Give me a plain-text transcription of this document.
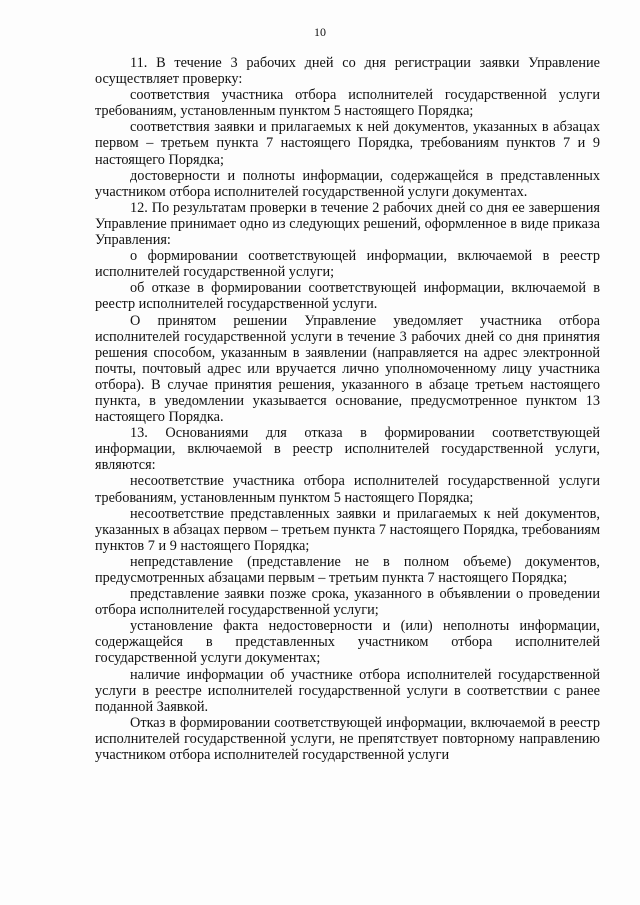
10

11. В течение 3 рабочих дней со дня регистрации заявки Управление осуществляет проверку:

соответствия участника отбора исполнителей государственной услуги требованиям, установленным пунктом 5 настоящего Порядка;

соответствия заявки и прилагаемых к ней документов, указанных в абзацах первом – третьем пункта 7 настоящего Порядка, требованиям пунктов 7 и 9 настоящего Порядка;

достоверности и полноты информации, содержащейся в представленных участником отбора исполнителей государственной услуги документах.

12. По результатам проверки в течение 2 рабочих дней со дня ее завершения Управление принимает одно из следующих решений, оформленное в виде приказа Управления:

о формировании соответствующей информации, включаемой в реестр исполнителей государственной услуги;

об отказе в формировании соответствующей информации, включаемой в реестр исполнителей государственной услуги.

О принятом решении Управление уведомляет участника отбора исполнителей государственной услуги в течение 3 рабочих дней со дня принятия решения способом, указанным в заявлении (направляется на адрес электронной почты, почтовый адрес или вручается лично уполномоченному лицу участника отбора). В случае принятия решения, указанного в абзаце третьем настоящего пункта, в уведомлении указывается основание, предусмотренное пунктом 13 настоящего Порядка.

13. Основаниями для отказа в формировании соответствующей информации, включаемой в реестр исполнителей государственной услуги, являются:

несоответствие участника отбора исполнителей государственной услуги требованиям, установленным пунктом 5 настоящего Порядка;

несоответствие представленных заявки и прилагаемых к ней документов, указанных в абзацах первом – третьем пункта 7 настоящего Порядка, требованиям пунктов 7 и 9 настоящего Порядка;

непредставление (представление не в полном объеме) документов, предусмотренных абзацами первым – третьим пункта 7 настоящего Порядка;

представление заявки позже срока, указанного в объявлении о проведении отбора исполнителей государственной услуги;

установление факта недостоверности и (или) неполноты информации, содержащейся в представленных участником отбора исполнителей государственной услуги документах;

наличие информации об участнике отбора исполнителей государственной услуги в реестре исполнителей государственной услуги в соответствии с ранее поданной Заявкой.

Отказ в формировании соответствующей информации, включаемой в реестр исполнителей государственной услуги, не препятствует повторному направлению участником отбора исполнителей государственной услуги
